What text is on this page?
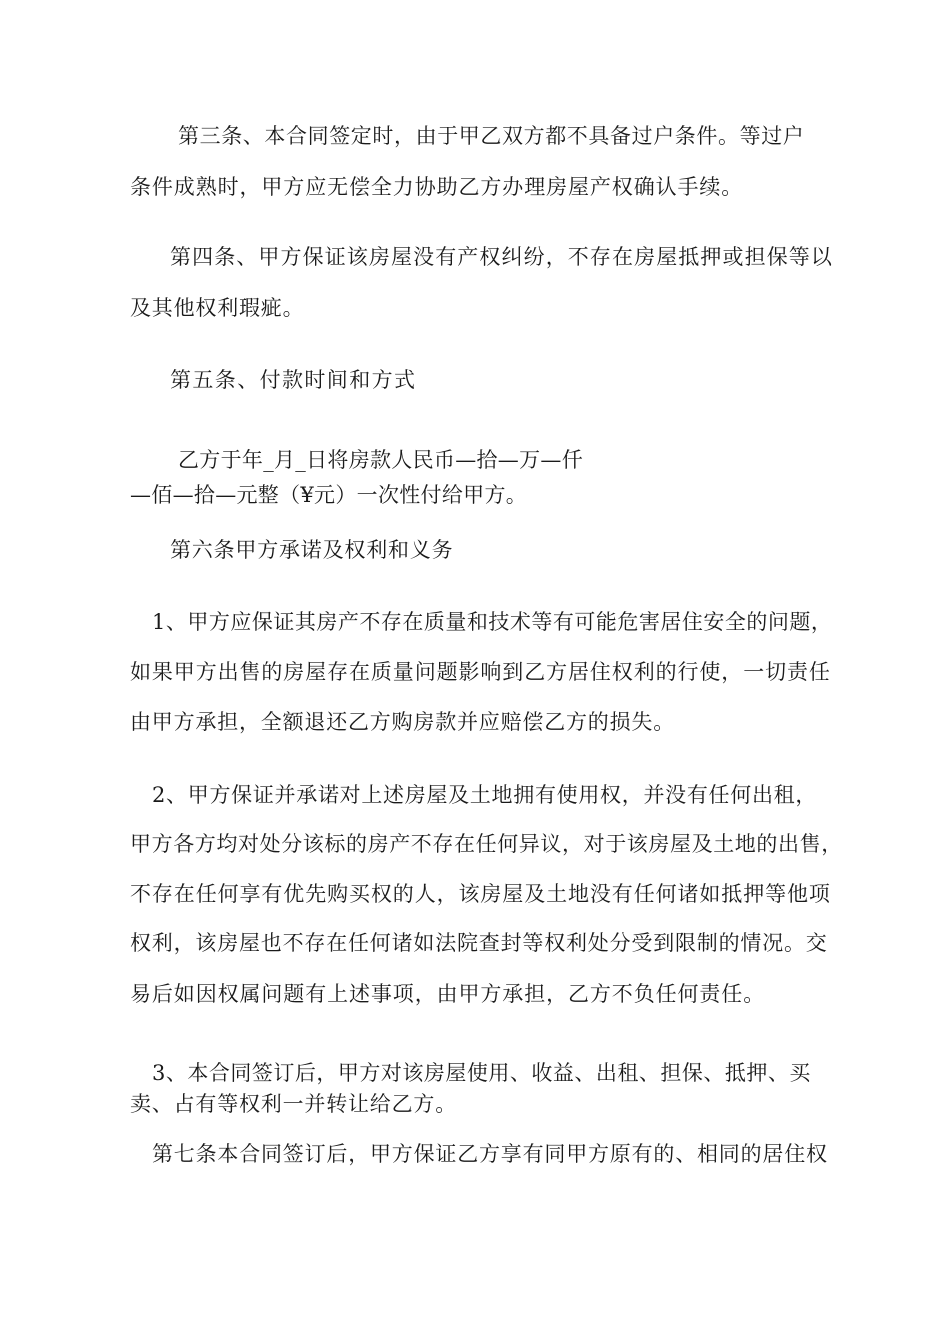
第三条、本合同签定时，由于甲乙双方都不具备过户条件。等过户
条件成熟时，甲方应无偿全力协助乙方办理房屋产权确认手续。
第四条、甲方保证该房屋没有产权纠纷，不存在房屋抵押或担保等以
及其他权利瑕疵。
第五条、付款时间和方式
乙方于年_月_日将房款人民币—拾—万—仟
—佰—拾—元整（¥元）一次性付给甲方。
第六条甲方承诺及权利和义务
1、甲方应保证其房产不存在质量和技术等有可能危害居住安全的问题，
如果甲方出售的房屋存在质量问题影响到乙方居住权利的行使，一切责任
由甲方承担，全额退还乙方购房款并应赔偿乙方的损失。
2、甲方保证并承诺对上述房屋及土地拥有使用权，并没有任何出租，
甲方各方均对处分该标的房产不存在任何异议，对于该房屋及土地的出售，
不存在任何享有优先购买权的人，该房屋及土地没有任何诸如抵押等他项
权利，该房屋也不存在任何诸如法院查封等权利处分受到限制的情况。交
易后如因权属问题有上述事项，由甲方承担，乙方不负任何责任。
3、本合同签订后，甲方对该房屋使用、收益、出租、担保、抵押、买
卖、占有等权利一并转让给乙方。
第七条本合同签订后，甲方保证乙方享有同甲方原有的、相同的居住权
